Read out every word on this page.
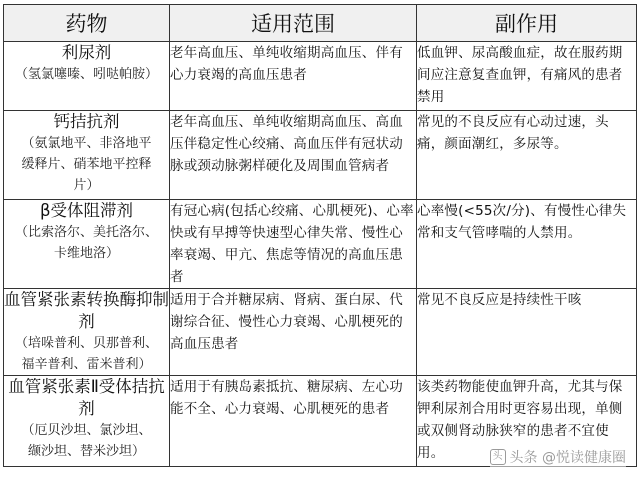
药物	适用范围	副作用

利尿剂
（氢氯噻嗪、吲哒帕胺）	老年高血压、单纯收缩期高血压、伴有心力衰竭的高血压患者	低血钾、尿高酸血症，故在服药期间应注意复查血钾，有痛风的患者禁用

钙拮抗剂
（氨氯地平、非洛地平
缓释片、硝苯地平控释
片）	老年高血压、单纯收缩期高血压、高血压伴稳定性心绞痛、高血压伴有冠状动脉或颈动脉粥样硬化及周围血管病者	常见的不良反应有心动过速，头痛，颜面潮红，多尿等。

β受体阻滞剂
（比索洛尔、美托洛尔、
卡维地洛）	有冠心病(包括心绞痛、心肌梗死)、心率快或有早搏等快速型心律失常、慢性心率衰竭、甲亢、焦虑等情况的高血压患者	心率慢(<55次/分)、有慢性心律失常和支气管哮喘的人禁用。

血管紧张素转换酶抑制剂
（培哚普利、贝那普利、
福辛普利、雷米普利）	适用于合并糖尿病、肾病、蛋白尿、代谢综合征、慢性心力衰竭、心肌梗死的高血压患者	常见不良反应是持续性干咳

血管紧张素Ⅱ受体拮抗剂
（厄贝沙坦、氯沙坦、
缬沙坦、替米沙坦）	适用于有胰岛素抵抗、糖尿病、左心功能不全、心力衰竭、心肌梗死的患者	该类药物能使血钾升高，尤其与保钾利尿剂合用时更容易出现，单侧或双侧肾动脉狭窄的患者不宜使用。	头 头条 @悦读健康圈
